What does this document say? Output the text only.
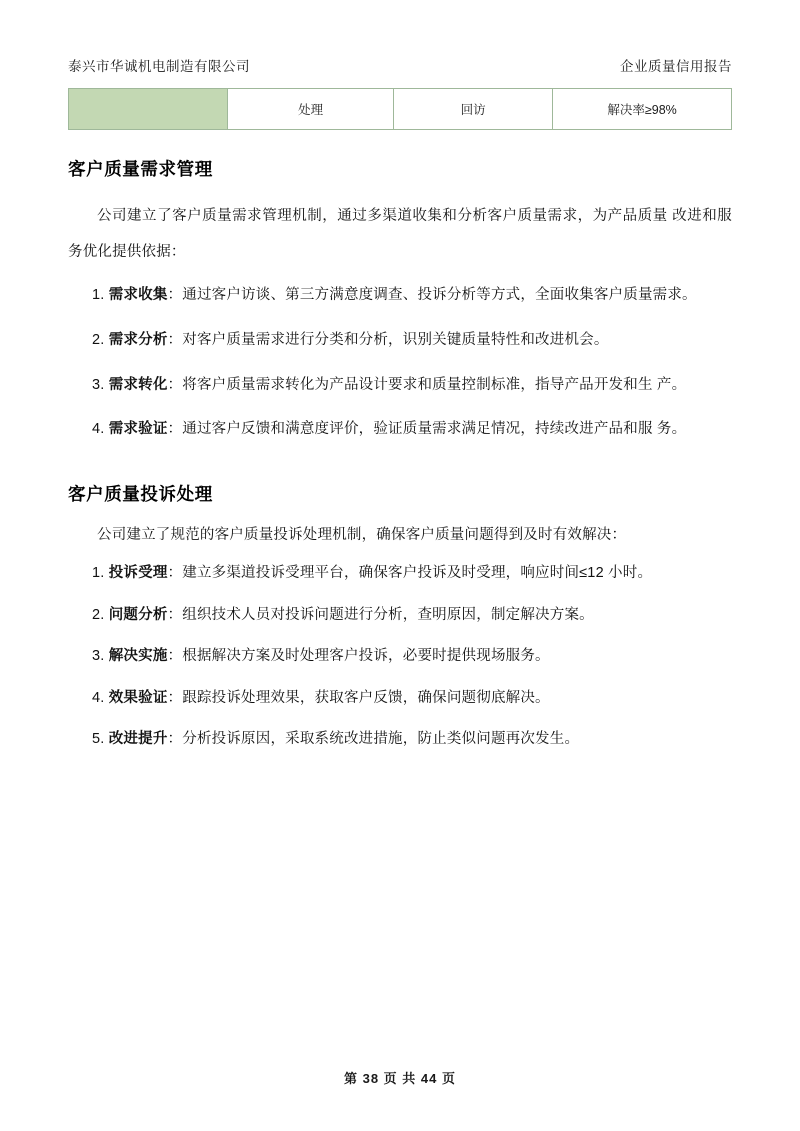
泰兴市华诚机电制造有限公司	企业质量信用报告
	处理	回访	解决率≥98%
客户质量需求管理

公司建立了客户质量需求管理机制，通过多渠道收集和分析客户质量需求，为产品质量 改进和服务优化提供依据：

1. 需求收集：通过客户访谈、第三方满意度调查、投诉分析等方式，全面收集客户质量需求。
2. 需求分析：对客户质量需求进行分类和分析，识别关键质量特性和改进机会。
3. 需求转化：将客户质量需求转化为产品设计要求和质量控制标准，指导产品开发和生 产。
4. 需求验证：通过客户反馈和满意度评价，验证质量需求满足情况，持续改进产品和服 务。
客户质量投诉处理

公司建立了规范的客户质量投诉处理机制，确保客户质量问题得到及时有效解决：

1. 投诉受理：建立多渠道投诉受理平台，确保客户投诉及时受理，响应时间≤12 小时。
2. 问题分析：组织技术人员对投诉问题进行分析，查明原因，制定解决方案。
3. 解决实施：根据解决方案及时处理客户投诉，必要时提供现场服务。
4. 效果验证：跟踪投诉处理效果，获取客户反馈，确保问题彻底解决。
5. 改进提升：分析投诉原因，采取系统改进措施，防止类似问题再次发生。
第 38 页 共 44 页
